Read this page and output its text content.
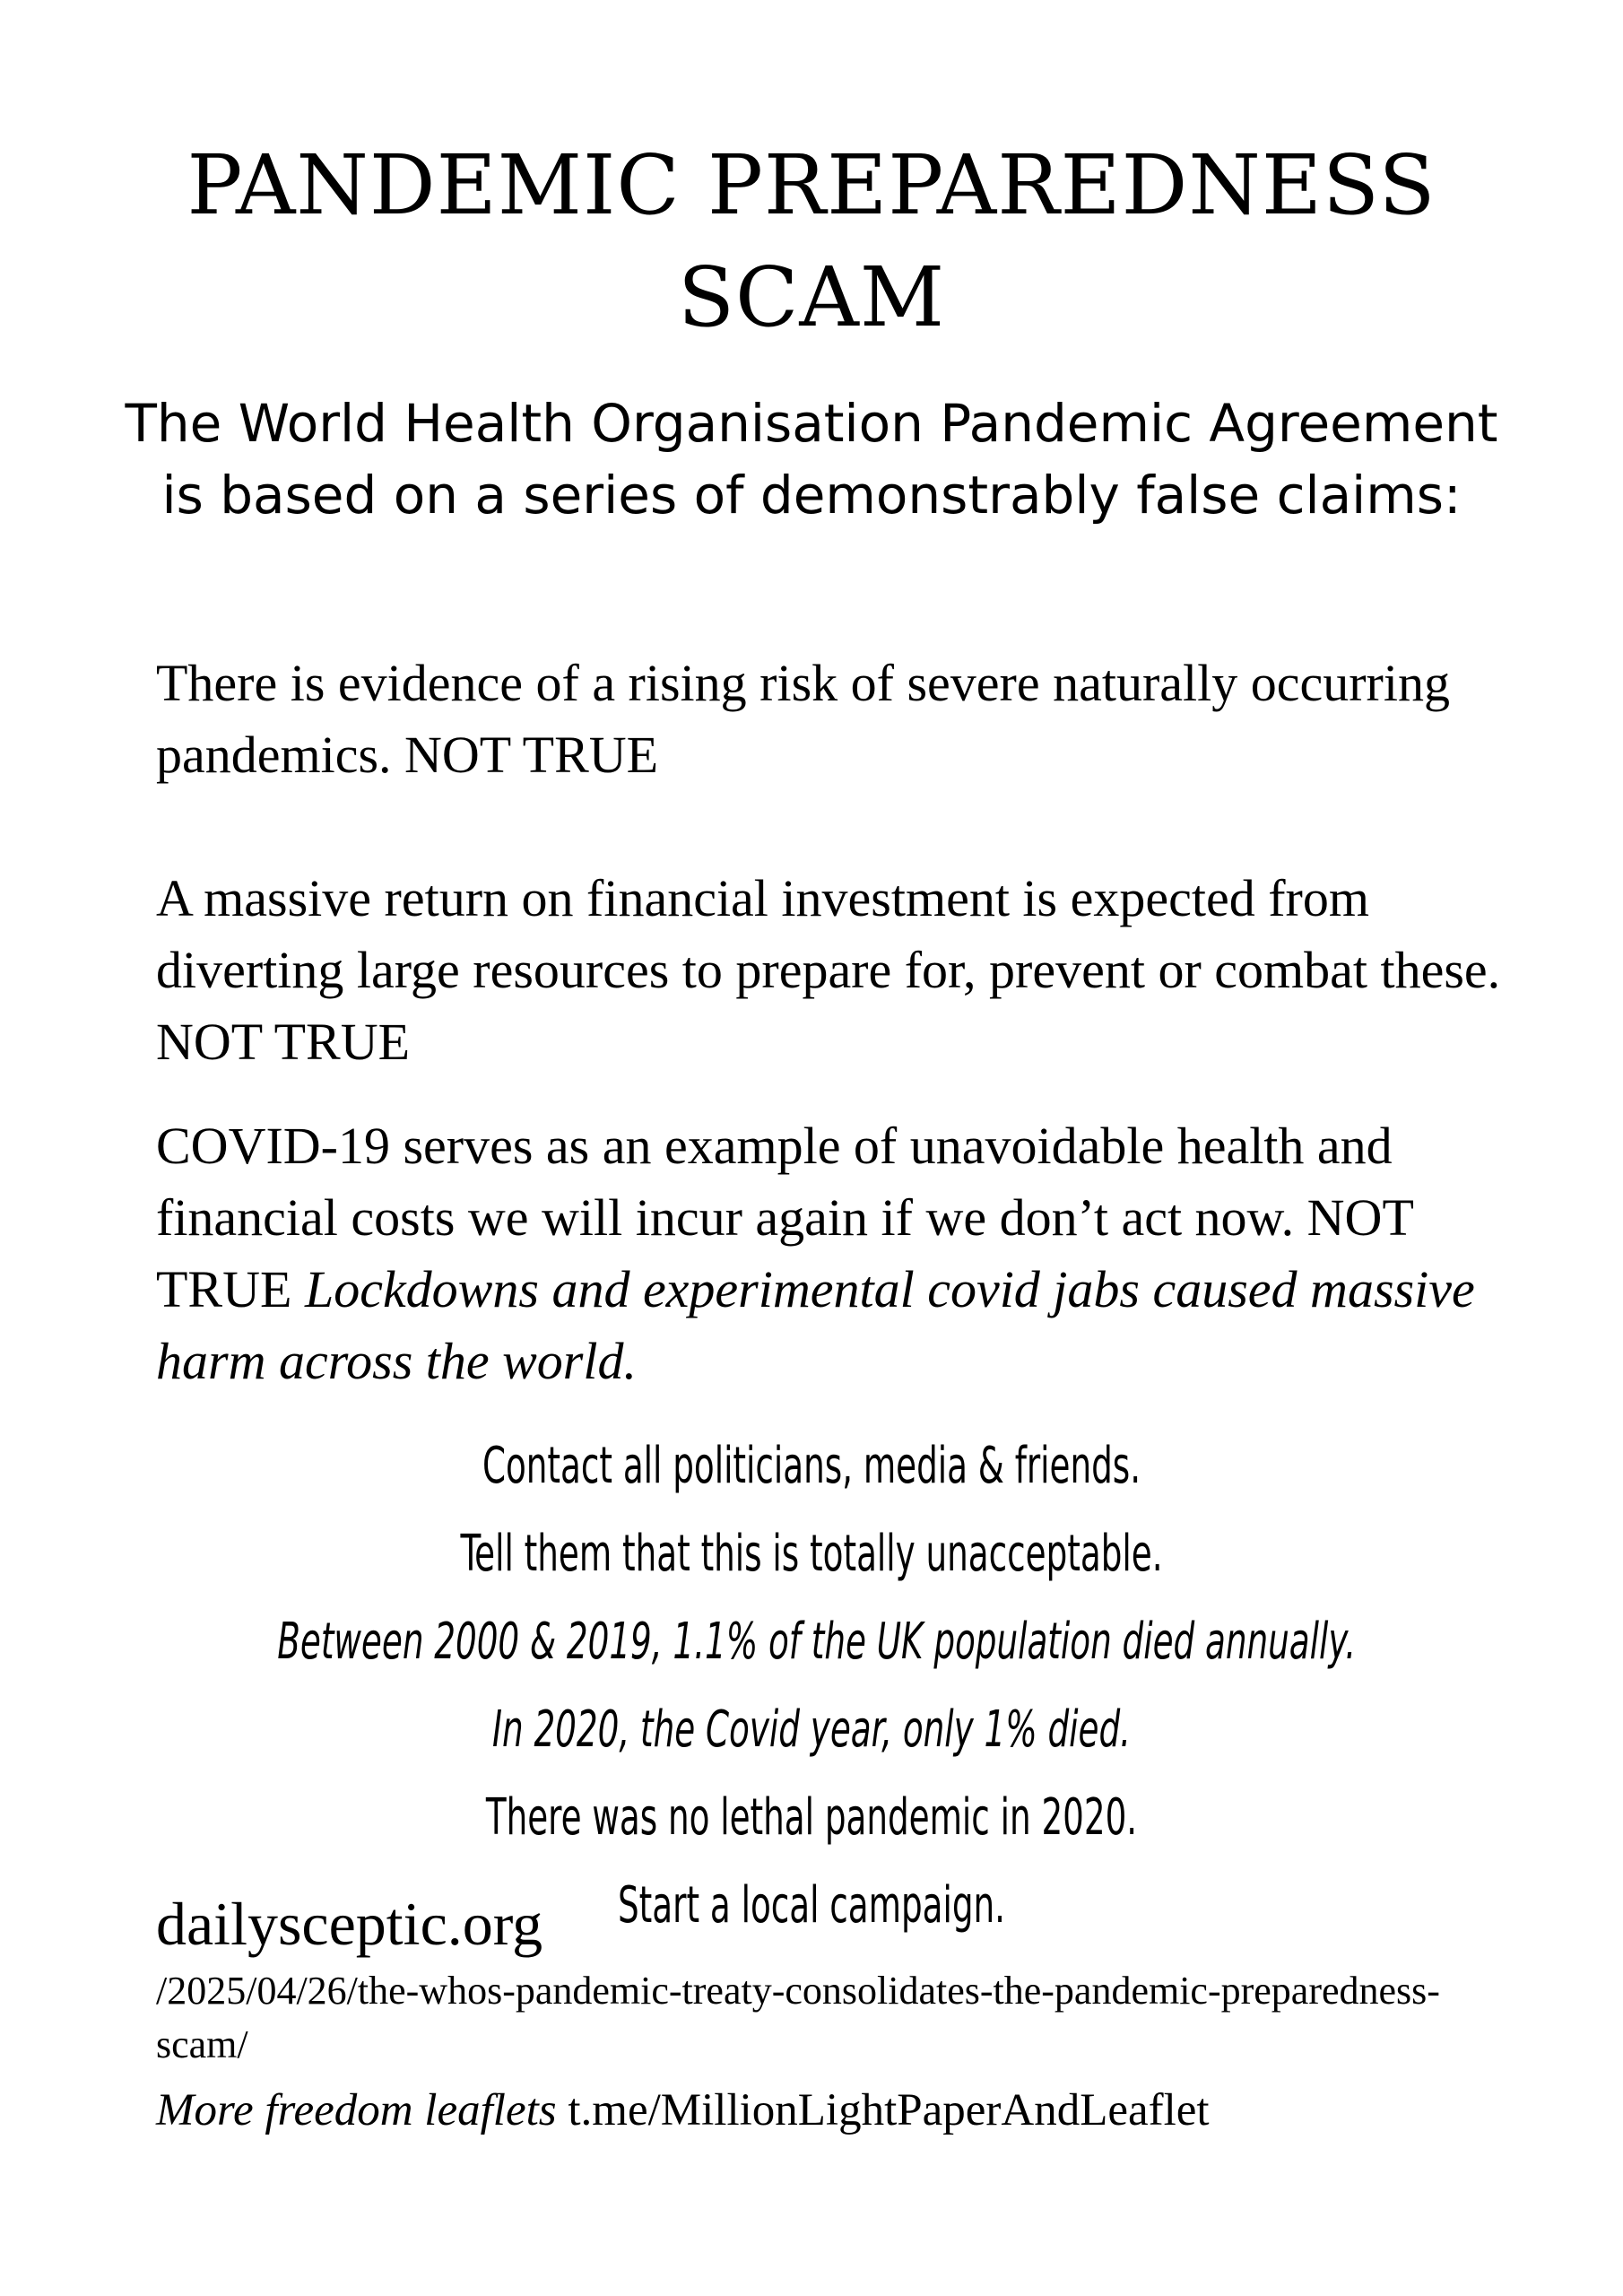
PANDEMIC PREPAREDNESS
SCAM

The World Health Organisation Pandemic Agreement is based on a series of demonstrably false claims:

There is evidence of a rising risk of severe naturally occurring pandemics. NOT TRUE

A massive return on financial investment is expected from diverting large resources to prepare for, prevent or combat these. NOT TRUE

COVID-19 serves as an example of unavoidable health and financial costs we will incur again if we don’t act now. NOT TRUE Lockdowns and experimental covid jabs caused massive harm across the world.

Contact all politicians, media & friends.
Tell them that this is totally unacceptable.
Between 2000 & 2019, 1.1% of the UK population died annually.
In 2020, the Covid year, only 1% died.
There was no lethal pandemic in 2020.
Start a local campaign.

dailysceptic.org

/2025/04/26/the-whos-pandemic-treaty-consolidates-the-pandemic-preparedness-scam/

More freedom leaflets t.me/MillionLightPaperAndLeaflet
